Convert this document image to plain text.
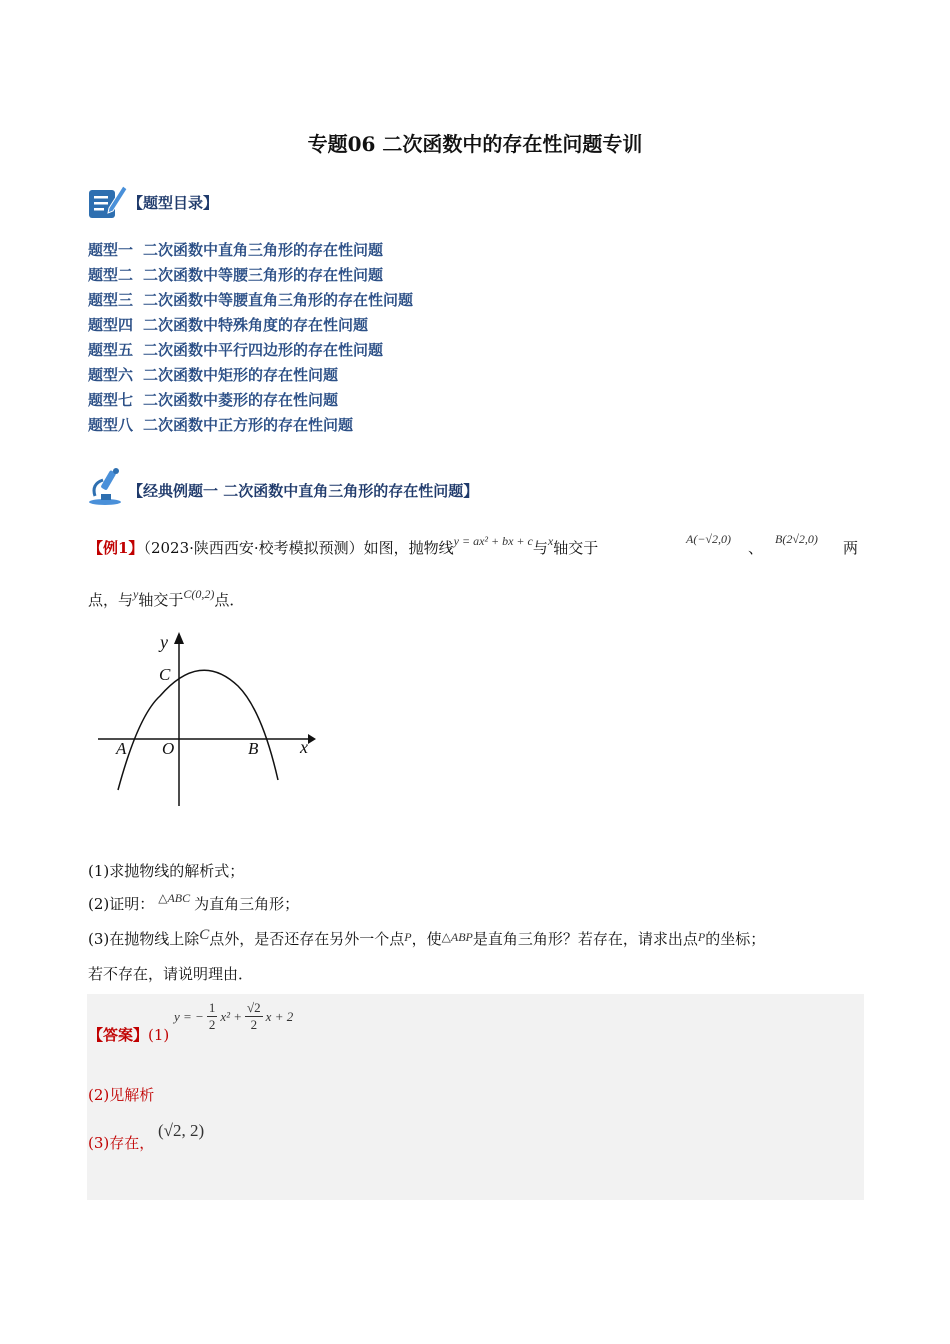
专题06 二次函数中的存在性问题专训
【题型目录】
题型一 二次函数中直角三角形的存在性问题
题型二 二次函数中等腰三角形的存在性问题
题型三 二次函数中等腰直角三角形的存在性问题
题型四 二次函数中特殊角度的存在性问题
题型五 二次函数中平行四边形的存在性问题
题型六 二次函数中矩形的存在性问题
题型七 二次函数中菱形的存在性问题
题型八 二次函数中正方形的存在性问题
【经典例题一 二次函数中直角三角形的存在性问题】
【例1】（2023·陕西西安·校考模拟预测）如图，抛物线$^{y = ax^2 + bx + c}$与$^x$轴交于	A(−√2,0) 、 B(2√2,0) 两
点，与$^y$轴交于$^{C(0,2)}$点．
y
x
C
A O	B
(1)求抛物线的解析式；
(2)证明： $^{\triangle ABC}$ 为直角三角形；
(3)在抛物线上除C点外，是否还存在另外一个点$^P$，使$^{\triangle ABP}$是直角三角形？若存在，请求出点$^P$的坐标；
若不存在，请说明理由．
【答案】(1)
y = − $\frac{1}{2} x^2 + \frac{√2}{2}$ x + 2
(2)见解析
(3)存在，
(√2, 2)
